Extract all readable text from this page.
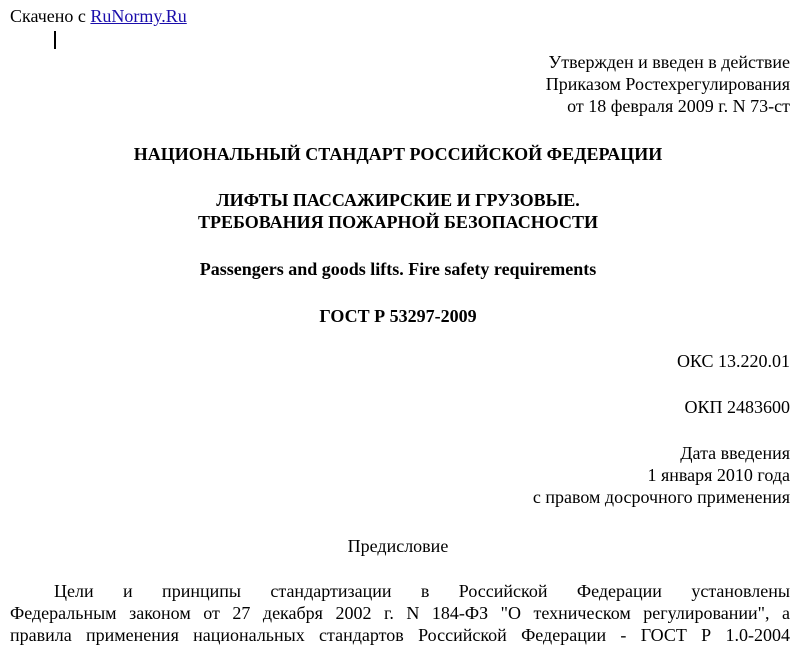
Скачено с RuNormy.Ru
Утвержден и введен в действие
Приказом Ростехрегулирования
от 18 февраля 2009 г. N 73-ст
НАЦИОНАЛЬНЫЙ СТАНДАРТ РОССИЙСКОЙ ФЕДЕРАЦИИ
ЛИФТЫ ПАССАЖИРСКИЕ И ГРУЗОВЫЕ.
ТРЕБОВАНИЯ ПОЖАРНОЙ БЕЗОПАСНОСТИ
Passengers and goods lifts. Fire safety requirements
ГОСТ Р 53297-2009
ОКС 13.220.01
ОКП 2483600
Дата введения
1 января 2010 года
с правом досрочного применения
Предисловие
Цели и принципы стандартизации в Российской Федерации установлены
Федеральным законом от 27 декабря 2002 г. N 184-ФЗ "О техническом регулировании", а
правила применения национальных стандартов Российской Федерации - ГОСТ Р 1.0-2004
